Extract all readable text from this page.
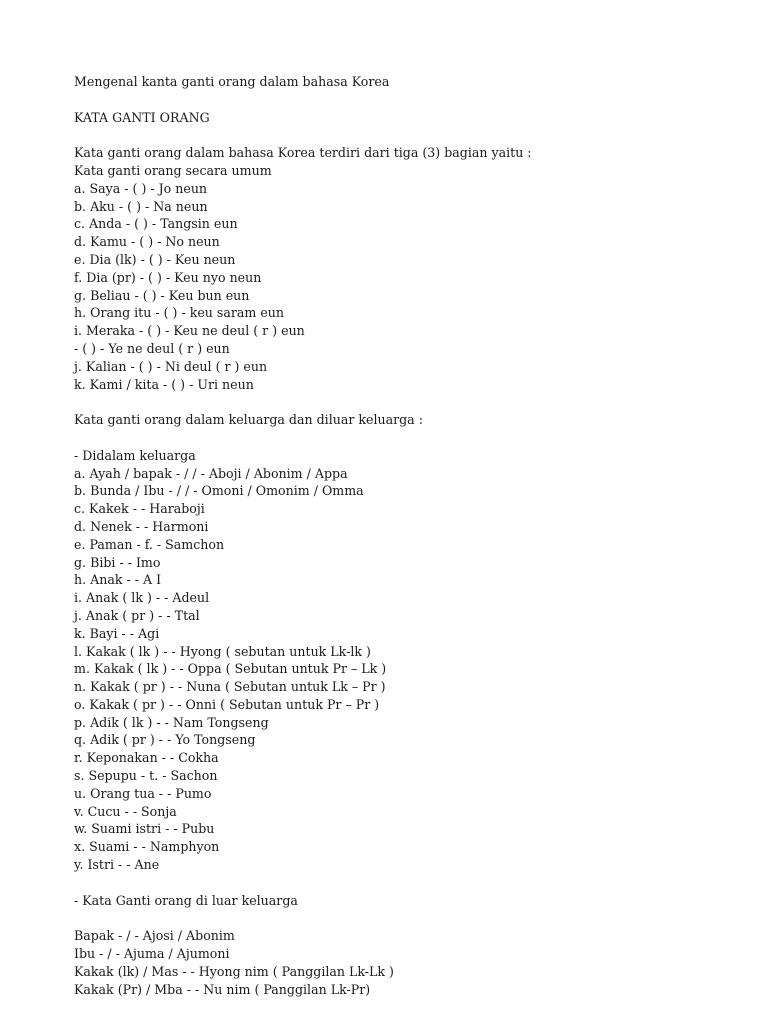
Mengenal kanta ganti orang dalam bahasa Korea
KATA GANTI ORANG
Kata ganti orang dalam bahasa Korea terdiri dari tiga (3) bagian yaitu :
Kata ganti orang secara umum
a. Saya - ( ) - Jo neun
b. Aku - ( ) - Na neun
c. Anda - ( ) - Tangsin eun
d. Kamu - ( ) - No neun
e. Dia (lk) - ( ) - Keu neun
f. Dia (pr) - ( ) - Keu nyo neun
g. Beliau - ( ) - Keu bun eun
h. Orang itu - ( ) - keu saram eun
i. Meraka - ( ) - Keu ne deul ( r ) eun
- ( ) - Ye ne deul ( r ) eun
j. Kalian - ( ) - Ni deul ( r ) eun
k. Kami / kita - ( ) - Uri neun
Kata ganti orang dalam keluarga dan diluar keluarga :
- Didalam keluarga
a. Ayah / bapak - / / - Aboji / Abonim / Appa
b. Bunda / Ibu - / / - Omoni / Omonim / Omma
c. Kakek - - Haraboji
d. Nenek - - Harmoni
e. Paman - f. - Samchon
g. Bibi - - Imo
h. Anak - - A I
i. Anak ( lk ) - - Adeul
j. Anak ( pr ) - - Ttal
k. Bayi - - Agi
l. Kakak ( lk ) - - Hyong ( sebutan untuk Lk-lk )
m. Kakak ( lk ) - - Oppa ( Sebutan untuk Pr – Lk )
n. Kakak ( pr ) - - Nuna ( Sebutan untuk Lk – Pr )
o. Kakak ( pr ) - - Onni ( Sebutan untuk Pr – Pr )
p. Adik ( lk ) - - Nam Tongseng
q. Adik ( pr ) - - Yo Tongseng
r. Keponakan - - Cokha
s. Sepupu - t. - Sachon
u. Orang tua - - Pumo
v. Cucu - - Sonja
w. Suami istri - - Pubu
x. Suami - - Namphyon
y. Istri - - Ane
- Kata Ganti orang di luar keluarga
Bapak - / - Ajosi / Abonim
Ibu - / - Ajuma / Ajumoni
Kakak (lk) / Mas - - Hyong nim ( Panggilan Lk-Lk )
Kakak (Pr) / Mba - - Nu nim ( Panggilan Lk-Pr)
